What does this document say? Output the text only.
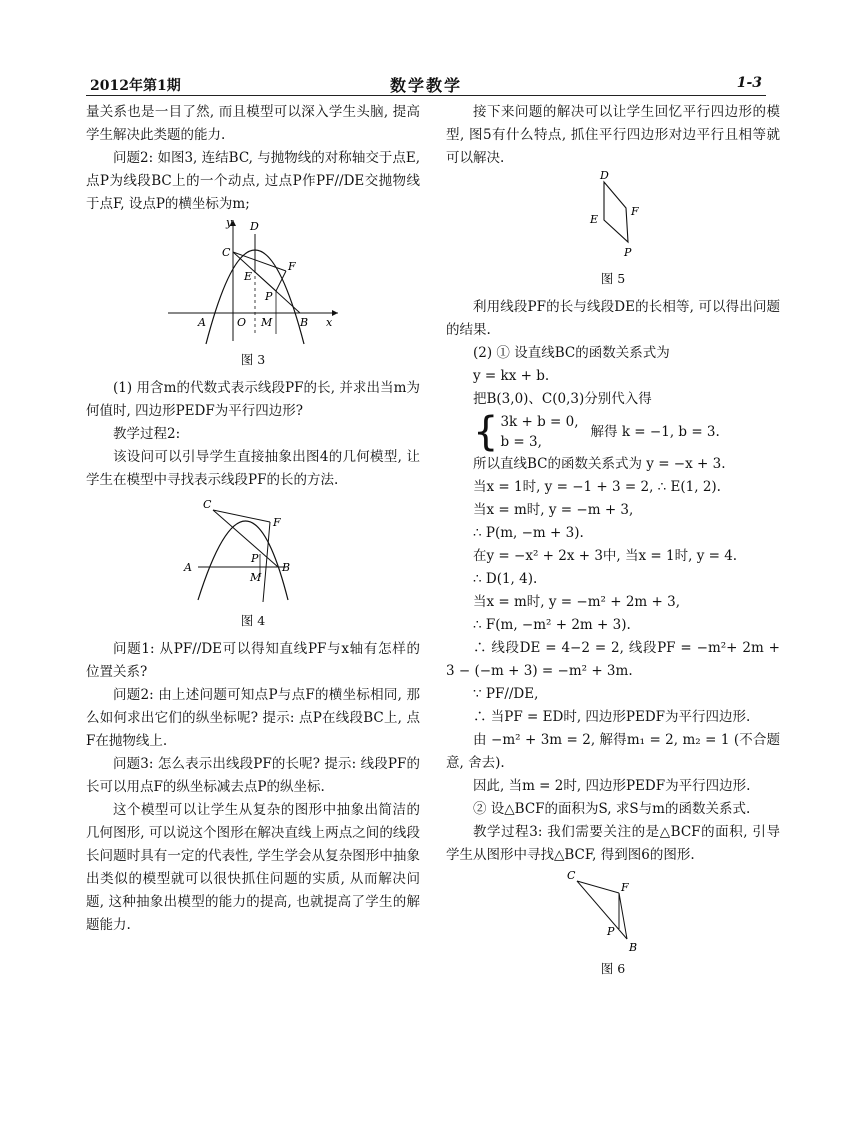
2012年第1期	数学教学	1-3

量关系也是一目了然, 而且模型可以深入学生头脑, 提高学生解决此类题的能力.

问题2: 如图3, 连结BC, 与抛物线的对称轴交于点E, 点P为线段BC上的一个动点, 过点P作PF//DE交抛物线于点F, 设点P的横坐标为m;

y D
C
F
E
P
A	O M	B x
图 3

(1) 用含m的代数式表示线段PF的长, 并求出当m为何值时, 四边形PEDF为平行四边形?

教学过程2:

该设问可以引导学生直接抽象出图4的几何模型, 让学生在模型中寻找表示线段PF的长的方法.

C
F
P
A
M
B
图 4

问题1: 从PF//DE可以得知直线PF与x轴有怎样的位置关系?

问题2: 由上述问题可知点P与点F的横坐标相同, 那么如何求出它们的纵坐标呢? 提示: 点P在线段BC上, 点F在抛物线上.

问题3: 怎么表示出线段PF的长呢? 提示: 线段PF的长可以用点F的纵坐标减去点P的纵坐标.

这个模型可以让学生从复杂的图形中抽象出简洁的几何图形, 可以说这个图形在解决直线上两点之间的线段长问题时具有一定的代表性, 学生学会从复杂图形中抽象出类似的模型就可以很快抓住问题的实质, 从而解决问题, 这种抽象出模型的能力的提高, 也就提高了学生的解题能力.

接下来问题的解决可以让学生回忆平行四边形的模型, 图5有什么特点, 抓住平行四边形对边平行且相等就可以解决.

D
E
F
P
图 5

利用线段PF的长与线段DE的长相等, 可以得出问题的结果.

(2) ① 设直线BC的函数关系式为

y = kx + b.

把B(3,0)、C(0,3)分别代入得

{ 3k + b = 0,
b = 3,
解得 k = −1, b = 3.

所以直线BC的函数关系式为 y = −x + 3.

当x = 1时, y = −1 + 3 = 2, ∴ E(1, 2).

当x = m时, y = −m + 3,

∴ P(m, −m + 3).

在y = −x² + 2x + 3中, 当x = 1时, y = 4.

∴ D(1, 4).

当x = m时, y = −m² + 2m + 3,

∴ F(m, −m² + 2m + 3).

∴ 线段DE = 4−2 = 2, 线段PF = −m²+ 2m + 3 − (−m + 3) = −m² + 3m.

∵ PF//DE,

∴ 当PF = ED时, 四边形PEDF为平行四边形.

由 −m² + 3m = 2, 解得m₁ = 2, m₂ = 1 (不合题意, 舍去).

因此, 当m = 2时, 四边形PEDF为平行四边形.

② 设△BCF的面积为S, 求S与m的函数关系式.

教学过程3: 我们需要关注的是△BCF的面积, 引导学生从图形中寻找△BCF, 得到图6的图形.

C
F
P
B
图 6
